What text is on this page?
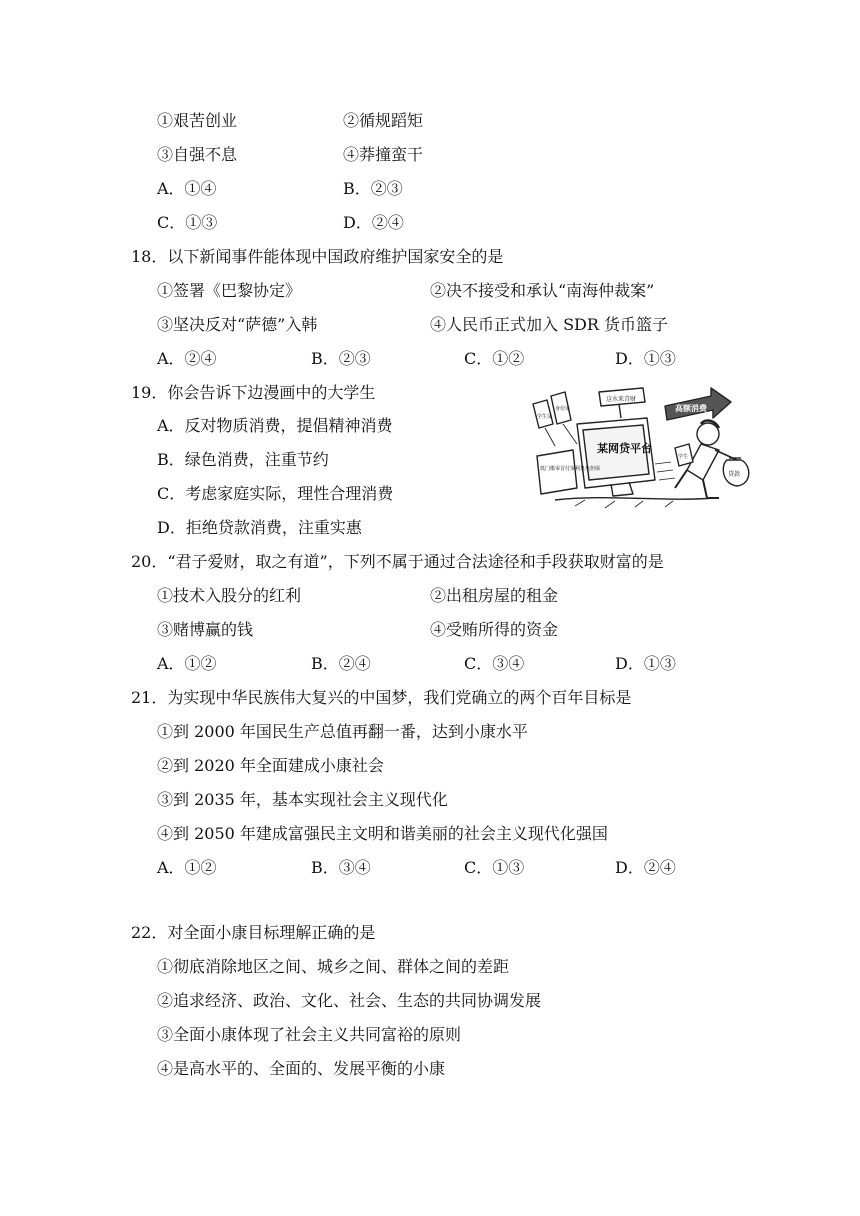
①艰苦创业	②循规蹈矩
③自强不息	④莽撞蛮干
A．①④	B．②③
C．①③	D．②④
18．以下新闻事件能体现中国政府维护国家安全的是
①签署《巴黎协定》	②决不接受和承认“南海仲裁案”
③坚决反对“萨德”入韩	④人民币正式加入 SDR 货币篮子
A．②④	B．②③	C．①②	D．①③
19．你会告诉下边漫画中的大学生
A．反对物质消费，提倡精神消费
B．绿色消费，注重节约
C．考虑家庭实际，理性合理消费
D．拒绝贷款消费，注重实惠
这水来青财
高额消费
某网贷平台
学生证
身份证
低门槛零首付零利息免担保
贷款
学生
20．“君子爱财，取之有道”，下列不属于通过合法途径和手段获取财富的是
①技术入股分的红利	②出租房屋的租金
③赌博赢的钱	④受贿所得的资金
A．①②	B．②④	C．③④	D．①③
21．为实现中华民族伟大复兴的中国梦，我们党确立的两个百年目标是
①到 2000 年国民生产总值再翻一番，达到小康水平
②到 2020 年全面建成小康社会
③到 2035 年，基本实现社会主义现代化
④到 2050 年建成富强民主文明和谐美丽的社会主义现代化强国
A．①②	B．③④	C．①③	D．②④
22．对全面小康目标理解正确的是
①彻底消除地区之间、城乡之间、群体之间的差距
②追求经济、政治、文化、社会、生态的共同协调发展
③全面小康体现了社会主义共同富裕的原则
④是高水平的、全面的、发展平衡的小康
